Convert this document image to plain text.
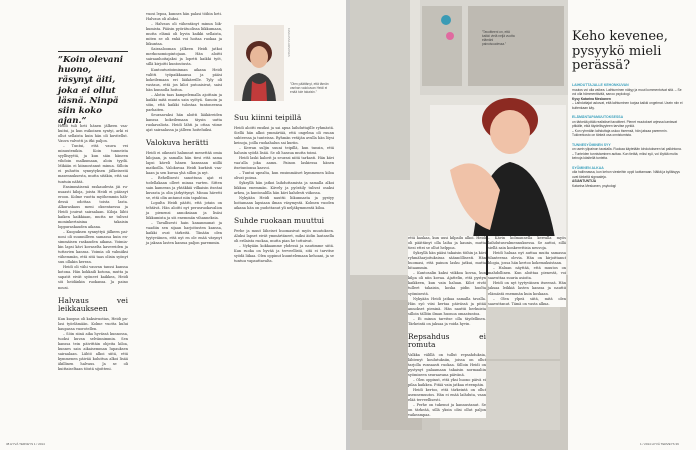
”Koin olevani huono, räsynyt äiti, joka ei ollut läsnä. Ninpä siin koko ajan.”

Heidi tuli heti hänen jälkeen vaakuitui, ja kun esikoinen syntyi, arki ei ollut sellaista kuin hän oli kuvitellut. Vauva valvotti ja itki paljon.

– Tuntui, että vauva vei minuutenikin. Koin tunneista syyllisyyttä, ja kun säin häneen vihdoin malkumaan, aloin tyydä. Mikään ei kiinnostanut minua. Silloin ei puhuttu synnytyksen jälkeisestä masennuksesta, mutta sitäkin, että sai tuntuin nähtä.

Ensimmäisenä raskaudesta jäi runsaasti kiloja, joista Heidi ei päässyt eroon. Kolme vuotta myöhemmin hähdessä odottaa toista lasta. Alkuraskaus meni oksentaessa ja Heidi jouivat sairaalaan. Kiloja lähti kaiken kaikkiaan, mutta ne tulivat moninkertaisina takaisin loppuraskauden aikana.

– Kuopuksen synnyttyä jälkeen painoni oli suunnilleen samassa kuin ensimmäisen raskauden aikana. Voimiakin lapsi kävi kovaselta kavereiden ja tuttavien kanssa. Voimia oli valmiiksi vähemmän, että sitä taas olisin syönyt suu ollakin kerran.

Heidi oli vähi vauvan tanssi kanssa kotona. Hän kokkaili kotona, mutta ja sapatit eivät syöneet kaikkea, Heidi söi heidänkin ruokansa. Ja paino nousi.

Halvaus vei leikkaukseen

Kun kuopus oli kaksivuotias, Heidi palasi työelämään. Kolme vuotta kului kaupassa vuorotellen.

– Söin siinä aika hyvässä kunnossa, tuoksi kuvan selvännimmin. Sen kanssa tein päivittäin ohjeita kiloa, kunnes sain aikaisemman lupauksen sairaalaan. Lähtö alkoi siitä, että kymmenen päivää kuluttua alkoi lisää äkillinen halvaus. Ja se oli kuittaiseltaan töistä sijoitteni.

vuosi lepoa, kunnes hän palasi töihin heti. Halvaus oli aluksi.

– Halvaus oli vähentänyt minun liikkumista. Pääsin pyörätuolissa liikkumaan, mutta elämä oli hyvin kaikki sellaista, miten se oli enkä voi hoitaa ruokaa ja liikuntaa.

Sairaalooman jälkeen Heidi jatkoi merkonomiopintojaan. Hän aloitti sairaanhoitajaksi ja lopetti kaikki työt, sillä kirjoitti kuntoutusta.

Kuntoutustoiminnan aikana Heidi valitti työpaikkaansa ja pääsi kokeilemaan eri lääkäreille. Tyly oli vastaus, että jos kilot putoaisivat, saisi hän kunnolla hoitoa.

– Alotin taas kampelemalla ajoittain ja kaikki mitä muuta sain syötyä. Sanoin ja söin, että kaikki tulostaa tuntoneensa parhaiten.

Seuraavaksi hän aloitti lääkäreiden kanssa kokeilemaan täysin uutta ruokavaliota. Heidi lähti ja ottaa viime ajat sairaalassa ja jälleen hoiteluiksi.

Valokuva herätti

Heidi ei oikeasti halunnut menettää omia kilojaan, ja samalla hän tiesi että sama lapsi käveli hänen kanssaan niillä matkoilla. Valokuvaa Heidi kurkisti vaakaan ja sen kuvaa yhä sillon ja nyt.

– Rehellisesti sanottuna ajat ei todellakaan olleet minua varten. Sitten sain kameran ja yhtäkkiä vilkaisin itseäni kuvasta ja olin järkyttynyt. Minua hävetti se, että olin antanut niin tapahtua.

Lopulta Heidi päätti, että jotain on tehtävä. Hän aloitti nyt perusruokavalion ja pienensi annoksiaan ja lisäsi liikkumista ja söi enemmän vihanneksia.

– Tavallisesti hain kananmunat ja vaadiin sen sijaan harjoitusten kanssa, kaikki ovat tärkeitä. Tänään olen tyytyväinen, että nyt en ole enää väsynyt ja jaksan lasten kanssa paljon paremmin.

KUVA ANNA HIRVONEN
”Olen päättänyt, että tämän vanhan valokuvan Heidi ei enää tule takaisin.”
Suu kiinni teipillä

Heidi aloitti ensiksi ja sai apua laihduttajille ryhmästä. Siellä hän alkoi ymmärtää, että ongelma oli ruuan suhteessa ja tunteissa. Ryhmän vetäjän avulla hän löysi keinoja, joilla ruokahalun sai kuriin.

– Kerran suljin suuni teipillä, kun tunsin, että halusin syödä lisää. Se oli hassua mutta toimi.

Heidi laski kalorit ja seurasi niitä tarkasti. Hän kävi vaa'alla joka aamu. Painon laskiessa hänen itsetuntonsa kasvoi.

– Tuntui upealta, kun ensimmäiset kymmenen kiloa olivat poissa.

Syksyllä hän jatkoi laihduttamista ja samalla alkoi liikkua enemmän. Kävely ja pyöräily tulivat osaksi arkea, ja kuntosalilla hän kävi kahdesti viikossa.

Nykyään Heidi nauttii liikunnasta ja pystyy hoitamaan lapsiaan ilman väsymystä. Kolmen vuoden aikana hän on pudottanut yli neljäkymmentä kiloa.

Suhde ruokaan muuttui

Perhe ja muut läheiset huomasivat myös muutoksen. Aluksi lapset eivät ymmärtäneet, miksi äidin lautasella oli erilaista ruokaa, mutta pian he tottuivat.

– Nykyään kokkaamme yhdessä ja nautimme siitä. Kun ruoka on hyvää ja terveellistä, sitä ei tarvitse syödä liikaa. Olen oppinut kuuntelemaan kehoani, ja se tuntuu vapauttavalta.

38 HYVÄ TERVEYS 1 / 2014
”Tavoitteeni on, että kaikki vielä neljä vuotta elämäni painoisuudessa.”

että kaukaa, kun uusi kilpailu alkoi. Heidi oli päättänyt olla laiha ja kaunis, mutta tiesi ettei se ollut helppoa.

Syksyllä hän pääsi takaisin töihin ja kävi ryhmäharjoituksissa säännöllisesti. Hän huomasi, että painon lasku jatkui, mutta hitaammin.

– Kuntosalin kaksi viikkoa kovaa, kun kilpa oli niin kovaa. Ajattelin, että pystyn kaikkeen, kun vain haluan. Kilot eivät tulleet takaisin, koska pidin huolta syömisestä.

Nykyään Heidi jatkaa samalla tavalla. Hän syö viisi kertaa päivässä ja pitää annokset pieninä. Hän nauttii herkuista silloin tällöin ilman huonoa omaatuntoa.

– Ei minun tarvitse olla täydellinen. Tärkeintä on jaksaa ja voida hyvin.

Repsahdus ei romuta

Valkka välillä on tullut repsahduksia, lähtenyt koulutuksiin, joissa on ollut tarjolla runsaasti ruokaa. Silloin Heidi on pystynyt palaamaan takaisin normaaliin syömiseen seuraavana päivänä.

– Olen oppinut, että yksi huono päivä ei pilaa kaikkea. Pitää vain jatkaa eteenpäin.

Heidi kertoo, että tärkeintä on ollut asennemuutos. Hän ei enää laihduta, vaan elää terveellisesti.

– Perhe on tukenut ja kannustanut. Se on tärkeää, sillä yksin olisi ollut paljon vaikeampaa.

– Kävin kolmannella kerralla myös laihdutusvalmennuksessa. Se auttoi, sillä siellä sain konkreettisia neuvoja.

Heidi haluaa nyt auttaa muita samassa tilanteessa olevia. Hän on kirjoittanut blogia, jossa hän kertoo kokemuksistaan.

– Haluan näyttää, että muutos on mahdollinen. Kun aloittaa pienestä, voi saavuttaa suuria asioita.

Heidi on nyt tyytyväinen itseensä. Hän jaksaa leikkiä lasten kanssa ja nauttii elämästä enemmän kuin koskaan.

– Olen ylpeä siitä, mitä olen saavuttanut. Tämä on vasta alkua.

Keho kevenee, pysyykö mieli perässä?

LAIHDUTTAJALLE KEHONKUVAN

muutos voi olla vaikea. Laihtuminen näkyy ja muut kommentoivat sitä. – Se voi olla hämmentävää, sanoo psykologi.

Kysy Katarina Meskanen

– Laihduttajat uskovat, että laihtuminen korjaa kaikki ongelmat. Usein niin ei kuitenkaan käy.

ELÄMÄNTAPAMUUTOKSESSA

on tärkeää pitää realistiset tavoitteet. Pienet muutokset arjessa kantavat pitkälle, eikä täydellisyyteen tarvitse pyrkiä.

– Kun ryhmään laihduttaja uskoo itseensä, hän jaksaa paremmin. Tukiverkosto on tärkeä osa onnistumista.

TUNNESYÖMINEN SYY

on usein ylipainon taustalla. Ruokaa käytetään lohdutukseen tai palkintona.

– Tunteiden tunnistaminen auttaa. Kun tietää, miksi syö, voi löytää muita keinoja käsitellä tunteita.

SYÖMINEN ALKAA

olla hallinnassa, kun kehon viesteihin oppii luottamaan. Nälkä ja kylläisyys ovat tärkeitä signaaleja.

ASIANTUNTIJA

Katarina Meskanen, psykologi

1 / 2014 HYVÄ TERVEYS 39
